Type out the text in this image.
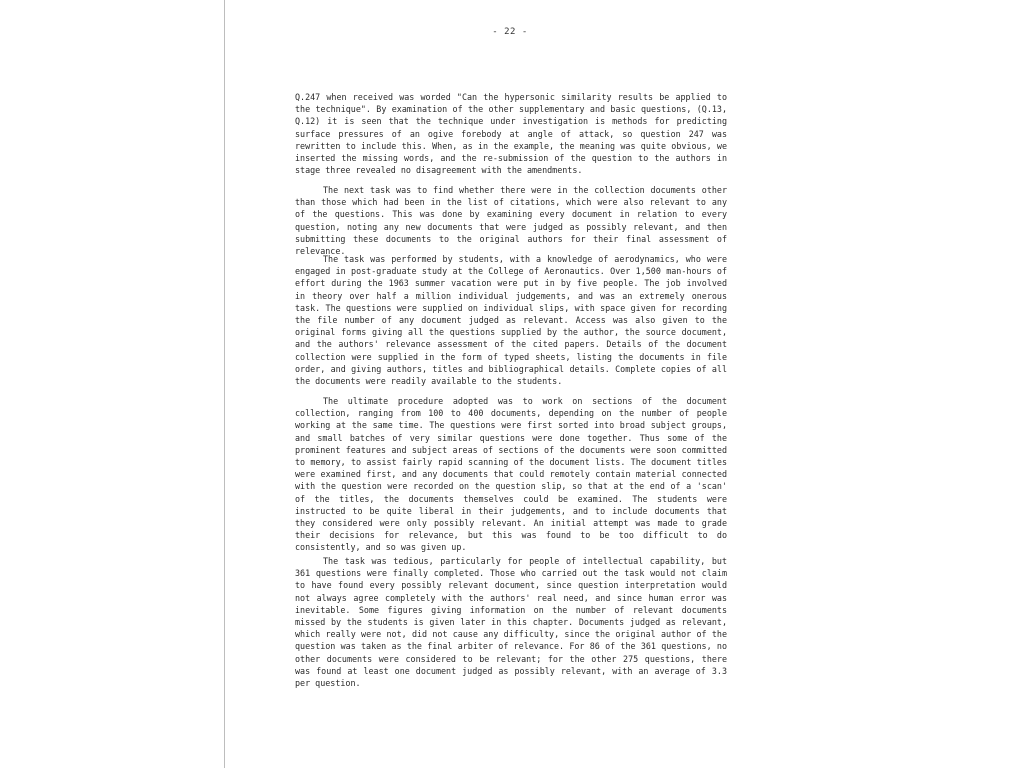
- 22 -

Q.247 when received was worded "Can the hypersonic similarity results be applied to the technique". By examination of the other supplementary and basic questions, (Q.13, Q.12) it is seen that the technique under investigation is methods for predicting surface pressures of an ogive forebody at angle of attack, so question 247 was rewritten to include this. When, as in the example, the meaning was quite obvious, we inserted the missing words, and the re-submission of the question to the authors in stage three revealed no disagreement with the amendments.

The next task was to find whether there were in the collection documents other than those which had been in the list of citations, which were also relevant to any of the questions. This was done by examining every document in relation to every question, noting any new documents that were judged as possibly relevant, and then submitting these documents to the original authors for their final assessment of relevance.

The task was performed by students, with a knowledge of aerodynamics, who were engaged in post-graduate study at the College of Aeronautics. Over 1,500 man-hours of effort during the 1963 summer vacation were put in by five people. The job involved in theory over half a million individual judgements, and was an extremely onerous task. The questions were supplied on individual slips, with space given for recording the file number of any document judged as relevant. Access was also given to the original forms giving all the questions supplied by the author, the source document, and the authors' relevance assessment of the cited papers. Details of the document collection were supplied in the form of typed sheets, listing the documents in file order, and giving authors, titles and bibliographical details. Complete copies of all the documents were readily available to the students.

The ultimate procedure adopted was to work on sections of the document collection, ranging from 100 to 400 documents, depending on the number of people working at the same time. The questions were first sorted into broad subject groups, and small batches of very similar questions were done together. Thus some of the prominent features and subject areas of sections of the documents were soon committed to memory, to assist fairly rapid scanning of the document lists. The document titles were examined first, and any documents that could remotely contain material connected with the question were recorded on the question slip, so that at the end of a 'scan' of the titles, the documents themselves could be examined. The students were instructed to be quite liberal in their judgements, and to include documents that they considered were only possibly relevant. An initial attempt was made to grade their decisions for relevance, but this was found to be too difficult to do consistently, and so was given up.

The task was tedious, particularly for people of intellectual capability, but 361 questions were finally completed. Those who carried out the task would not claim to have found every possibly relevant document, since question interpretation would not always agree completely with the authors' real need, and since human error was inevitable. Some figures giving information on the number of relevant documents missed by the students is given later in this chapter. Documents judged as relevant, which really were not, did not cause any difficulty, since the original author of the question was taken as the final arbiter of relevance. For 86 of the 361 questions, no other documents were considered to be relevant; for the other 275 questions, there was found at least one document judged as possibly relevant, with an average of 3.3 per question.
